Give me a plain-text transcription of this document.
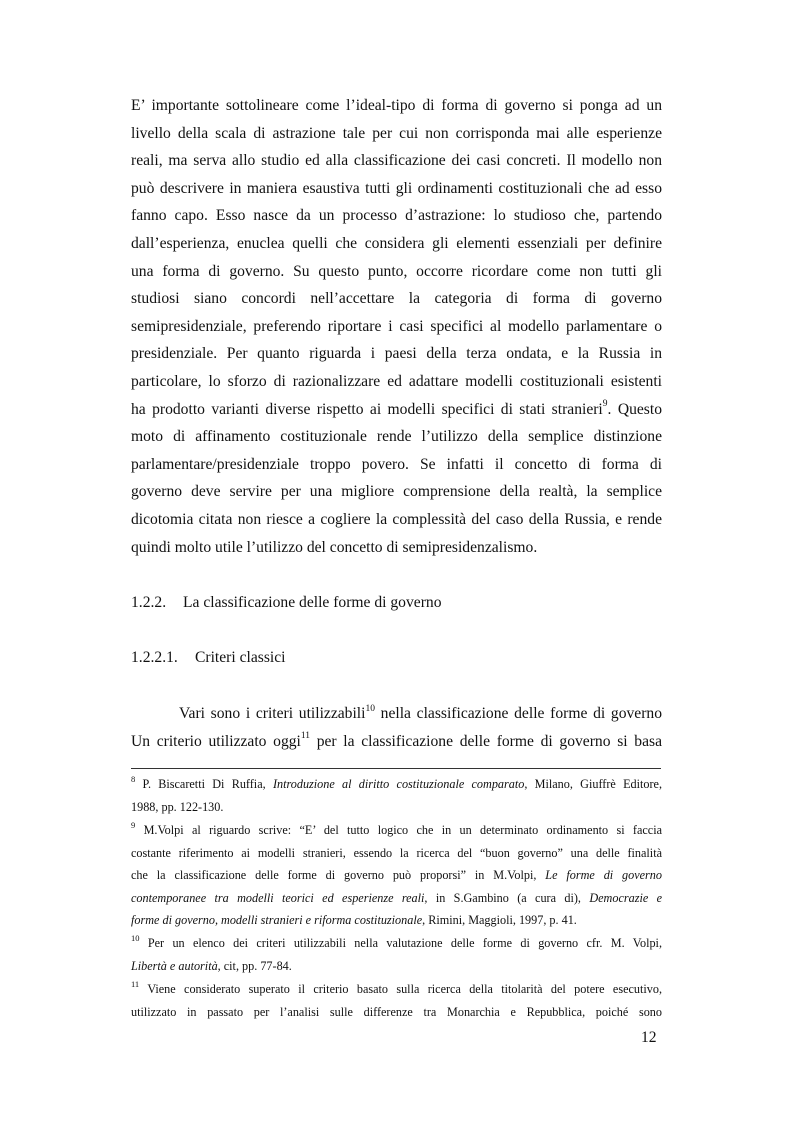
E’ importante sottolineare come l’ideal-tipo di forma di governo si ponga ad un
livello della scala di astrazione tale per cui non corrisponda mai alle esperienze
reali, ma serva allo studio ed alla classificazione dei casi concreti. Il modello non
può descrivere in maniera esaustiva tutti gli ordinamenti costituzionali che ad esso
fanno capo. Esso nasce da un processo d’astrazione: lo studioso che, partendo
dall’esperienza, enuclea quelli che considera gli elementi essenziali per definire
una forma di governo. Su questo punto, occorre ricordare come non tutti gli
studiosi siano concordi nell’accettare la categoria di forma di governo
semipresidenziale, preferendo riportare i casi specifici al modello parlamentare o
presidenziale. Per quanto riguarda i paesi della terza ondata, e la Russia in
particolare, lo sforzo di razionalizzare ed adattare modelli costituzionali esistenti
ha prodotto varianti diverse rispetto ai modelli specifici di stati stranieri$^9$. Questo
moto di affinamento costituzionale rende l’utilizzo della semplice distinzione
parlamentare/presidenziale troppo povero. Se infatti il concetto di forma di
governo deve servire per una migliore comprensione della realtà, la semplice
dicotomia citata non riesce a cogliere la complessità del caso della Russia, e rende
quindi molto utile l’utilizzo del concetto di semipresidenzalismo.
1.2.2. La classificazione delle forme di governo
1.2.2.1. Criteri classici
Vari sono i criteri utilizzabili$^{10}$ nella classificazione delle forme di governo
Un criterio utilizzato oggi$^{11}$ per la classificazione delle forme di governo si basa
$^8$ P. Biscaretti Di Ruffia, Introduzione al diritto costituzionale comparato, Milano, Giuffrè Editore,
1988, pp. 122-130.
$^9$ M.Volpi al riguardo scrive: “E’ del tutto logico che in un determinato ordinamento si faccia
costante riferimento ai modelli stranieri, essendo la ricerca del “buon governo” una delle finalità
che la classificazione delle forme di governo può proporsi” in M.Volpi, Le forme di governo
contemporanee tra modelli teorici ed esperienze reali, in S.Gambino (a cura di), Democrazie e
forme di governo, modelli stranieri e riforma costituzionale, Rimini, Maggioli, 1997, p. 41.
$^{10}$ Per un elenco dei criteri utilizzabili nella valutazione delle forme di governo cfr. M. Volpi,
Libertà e autorità, cit, pp. 77-84.
$^{11}$ Viene considerato superato il criterio basato sulla ricerca della titolarità del potere esecutivo,
utilizzato in passato per l’analisi sulle differenze tra Monarchia e Repubblica, poiché sono
12
